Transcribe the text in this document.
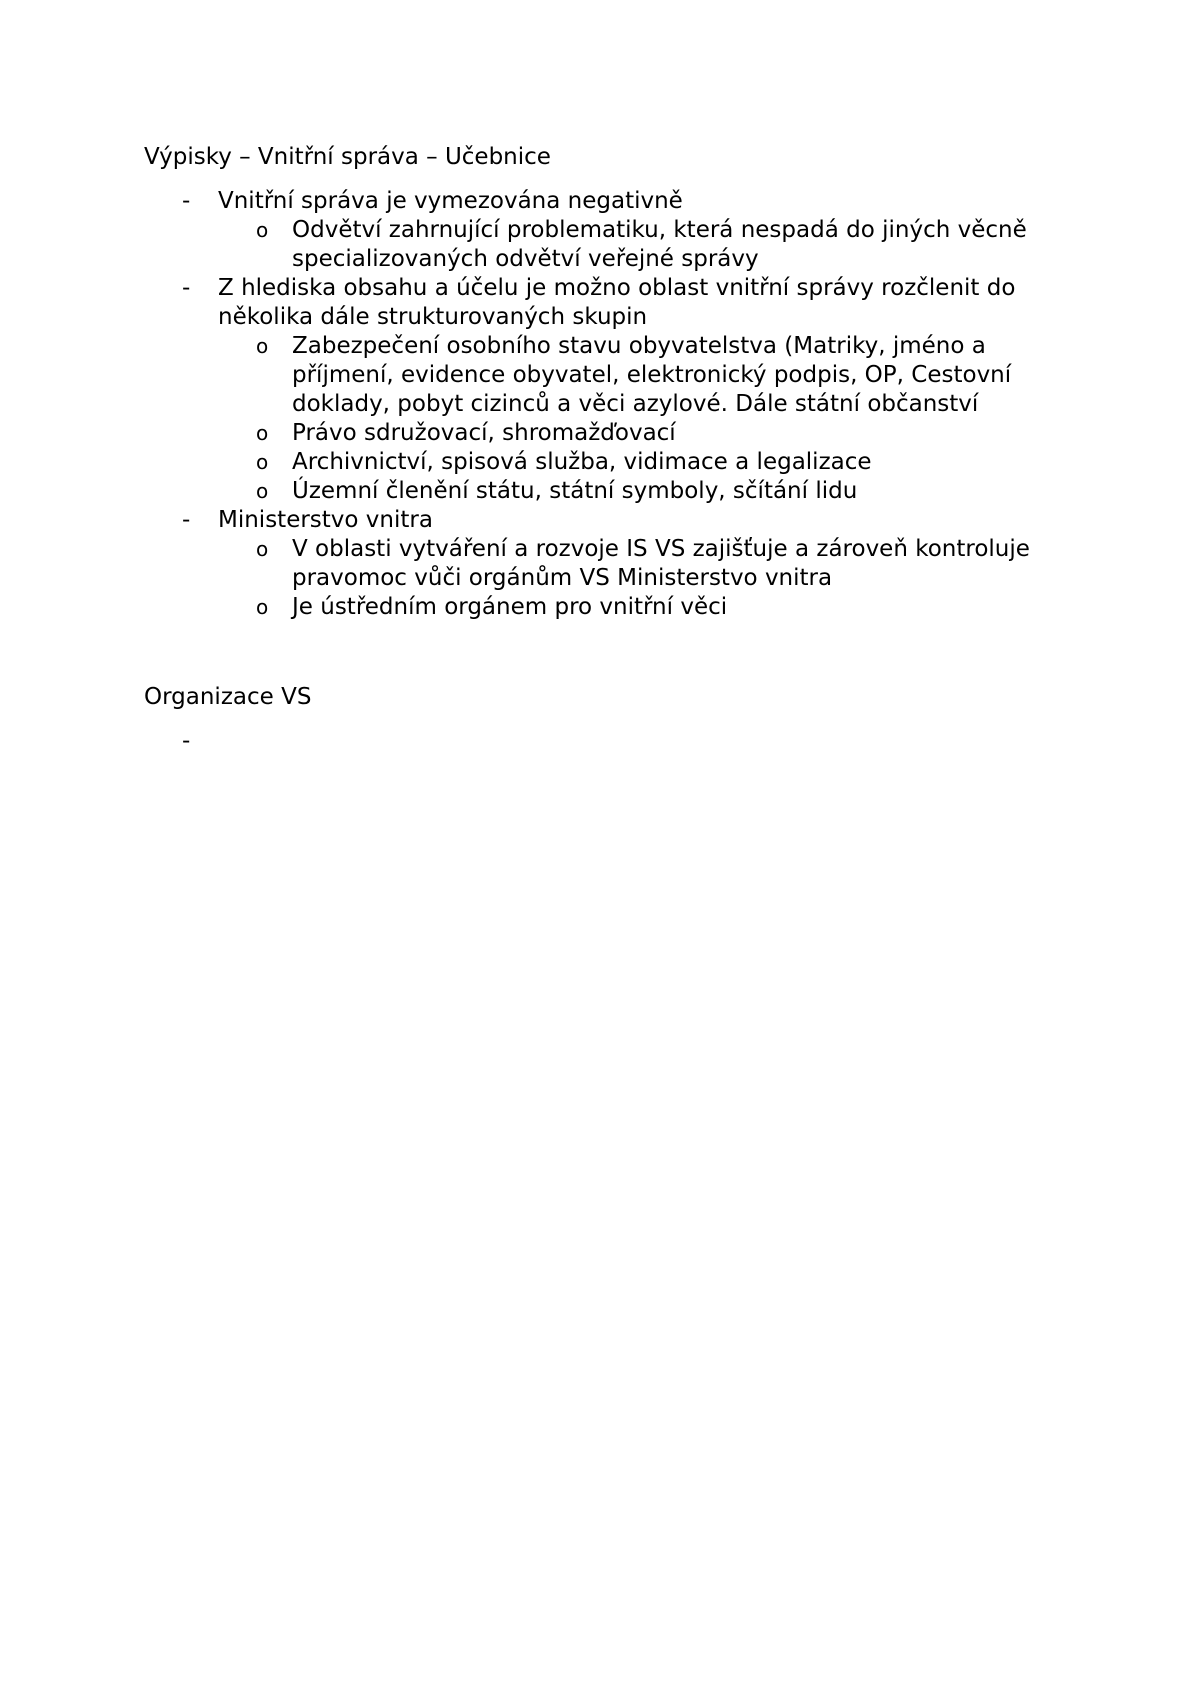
Výpisky – Vnitřní správa – Učebnice
- Vnitřní správa je vymezována negativně
o Odvětví zahrnující problematiku, která nespadá do jiných věcně specializovaných odvětví veřejné správy
- Z hlediska obsahu a účelu je možno oblast vnitřní správy rozčlenit do několika dále strukturovaných skupin
o Zabezpečení osobního stavu obyvatelstva (Matriky, jméno a příjmení, evidence obyvatel, elektronický podpis, OP, Cestovní doklady, pobyt cizinců a věci azylové. Dále státní občanství
o Právo sdružovací, shromažďovací
o Archivnictví, spisová služba, vidimace a legalizace
o Územní členění státu, státní symboly, sčítání lidu
- Ministerstvo vnitra
o V oblasti vytváření a rozvoje IS VS zajišťuje a zároveň kontroluje pravomoc vůči orgánům VS Ministerstvo vnitra
o Je ústředním orgánem pro vnitřní věci
Organizace VS
-
